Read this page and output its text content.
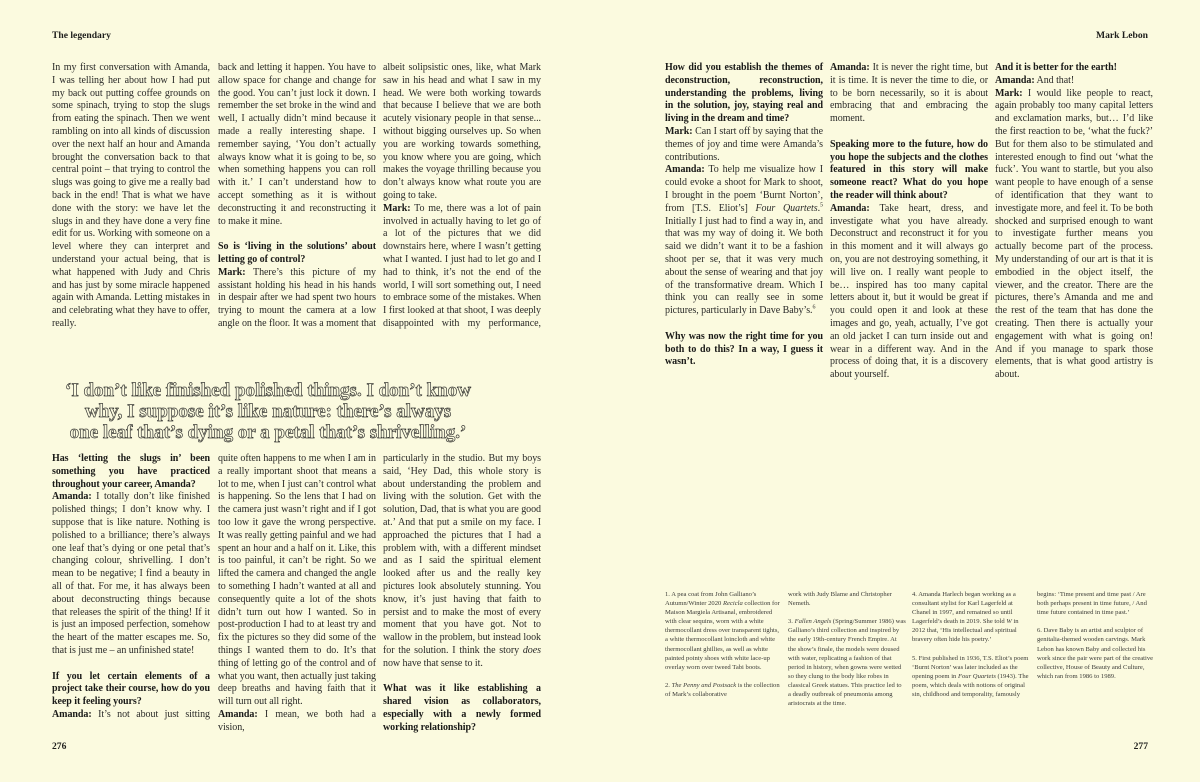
The legendary	Mark Lebon

In my first conversation with Amanda, I was telling her about how I had put my back out putting coffee grounds on some spinach, trying to stop the slugs from eating the spinach. Then we went rambling on into all kinds of discussion over the next half an hour and Amanda brought the conversation back to that central point – that trying to control the slugs was going to give me a really bad back in the end! That is what we have done with the story: we have let the slugs in and they have done a very fine edit for us. Working with someone on a level where they can interpret and understand your actual being, that is what happened with Judy and Chris and has just by some miracle happened again with Amanda. Letting mistakes in and celebrating what they have to offer, really.

back and letting it happen. You have to allow space for change and change for the good. You can’t just lock it down. I remember the set broke in the wind and well, I actually didn’t mind because it made a really interesting shape. I remember saying, ‘You don’t actually always know what it is going to be, so when something happens you can roll with it.’ I can’t understand how to accept something as it is without deconstructing it and reconstructing it to make it mine.

So is ‘living in the solutions’ about letting go of control?

Mark: There’s this picture of my assistant holding his head in his hands in despair after we had spent two hours trying to mount the camera at a low angle on the floor. It was a moment that

albeit solipsistic ones, like, what Mark saw in his head and what I saw in my head. We were both working towards that because I believe that we are both acutely visionary people in that sense... without bigging ourselves up. So when you are working towards something, you know where you are going, which makes the voyage thrilling because you don’t always know what route you are going to take.

Mark: To me, there was a lot of pain involved in actually having to let go of a lot of the pictures that we did downstairs here, where I wasn’t getting what I wanted. I just had to let go and I had to think, it’s not the end of the world, I will sort something out, I need to embrace some of the mistakes. When I first looked at that shoot, I was deeply disappointed with my performance,

‘I don’t like finished polished things. I don’t know
why, I suppose it’s like nature: there’s always
one leaf that’s dying or a petal that’s shrivelling.’

Has ‘letting the slugs in’ been something you have practiced throughout your career, Amanda?

Amanda: I totally don’t like finished polished things; I don’t know why. I suppose that is like nature. Nothing is polished to a brilliance; there’s always one leaf that’s dying or one petal that’s changing colour, shrivelling. I don’t mean to be negative; I find a beauty in all of that. For me, it has always been about deconstructing things because that releases the spirit of the thing! If it is just an imposed perfection, somehow the heart of the matter escapes me. So, that is just me – an unfinished state!

If you let certain elements of a project take their course, how do you keep it feeling yours?

Amanda: It’s not about just sitting

quite often happens to me when I am in a really important shoot that means a lot to me, when I just can’t control what is happening. So the lens that I had on the camera just wasn’t right and if I got too low it gave the wrong perspective. It was really getting painful and we had spent an hour and a half on it. Like, this is too painful, it can’t be right. So we lifted the camera and changed the angle to something I hadn’t wanted at all and consequently quite a lot of the shots didn’t turn out how I wanted. So in post-production I had to at least try and fix the pictures so they did some of the things I wanted them to do. It’s that thing of letting go of the control and of what you want, then actually just taking deep breaths and having faith that it will turn out all right.

Amanda: I mean, we both had a vision,

particularly in the studio. But my boys said, ‘Hey Dad, this whole story is about understanding the problem and living with the solution. Get with the solution, Dad, that is what you are good at.’ And that put a smile on my face. I approached the pictures that I had a problem with, with a different mindset and as I said the spiritual element looked after us and the really key pictures look absolutely stunning. You know, it’s just having that faith to persist and to make the most of every moment that you have got. Not to wallow in the problem, but instead look for the solution. I think the story does now have that sense to it.

What was it like establishing a shared vision as collaborators, especially with a newly formed working relationship?

How did you establish the themes of deconstruction, reconstruction, understanding the problems, living in the solution, joy, staying real and living in the dream and time?

Mark: Can I start off by saying that the themes of joy and time were Amanda’s contributions.

Amanda: To help me visualize how I could evoke a shoot for Mark to shoot, I brought in the poem ‘Burnt Norton’, from [T.S. Eliot’s] Four Quartets.$^5$ Initially I just had to find a way in, and that was my way of doing it. We both said we didn’t want it to be a fashion shoot per se, that it was very much about the sense of wearing and that joy of the transformative dream. Which I think you can really see in some pictures, particularly in Dave Baby’s.$^6$

Why was now the right time for you both to do this? In a way, I guess it wasn’t.

Amanda: It is never the right time, but it is time. It is never the time to die, or to be born necessarily, so it is about embracing that and embracing the moment.

Speaking more to the future, how do you hope the subjects and the clothes featured in this story will make someone react? What do you hope the reader will think about?

Amanda: Take heart, dress, and investigate what you have already. Deconstruct and reconstruct it for you in this moment and it will always go on, you are not destroying something, it will live on. I really want people to be… inspired has too many capital letters about it, but it would be great if you could open it and look at these images and go, yeah, actually, I’ve got an old jacket I can turn inside out and wear in a different way. And in the process of doing that, it is a discovery about yourself.

And it is better for the earth!

Amanda: And that!

Mark: I would like people to react, again probably too many capital letters and exclamation marks, but… I’d like the first reaction to be, ‘what the fuck?’ But for them also to be stimulated and interested enough to find out ‘what the fuck’. You want to startle, but you also want people to have enough of a sense of identification that they want to investigate more, and feel it. To be both shocked and surprised enough to want to investigate further means you actually become part of the process. My understanding of our art is that it is embodied in the object itself, the viewer, and the creator. There are the pictures, there’s Amanda and me and the rest of the team that has done the creating. Then there is actually your engagement with what is going on! And if you manage to spark those elements, that is what good artistry is about.

1. A pea coat from John Galliano’s Autumn/Winter 2020 Recicla collection for Maison Margiela Artisanal, embroidered with clear sequins, worn with a white thermocollant dress over transparent tights, a white thermocollant loincloth and white thermocollant ghillies, as well as white painted pointy shoes with white lace-up overlay worn over tweed Tabi boots.

2. The Penny and Postsack is the collection of Mark’s collaborative

work with Judy Blame and Christopher Nemeth.

3. Fallen Angels (Spring/Summer 1986) was Galliano’s third collection and inspired by the early 19th-century French Empire. At the show’s finale, the models were doused with water, replicating a fashion of that period in history, when gowns were wetted so they clung to the body like robes in classical Greek statues. This practice led to a deadly outbreak of pneumonia among aristocrats at the time.

4. Amanda Harlech began working as a consultant stylist for Karl Lagerfeld at Chanel in 1997, and remained so until Lagerfeld’s death in 2019. She told W in 2012 that, ‘His intellectual and spiritual bravery often hide his poetry.’

5. First published in 1936, T.S. Eliot’s poem ‘Burnt Norton’ was later included as the opening poem in Four Quartets (1943). The poem, which deals with notions of original sin, childhood and temporality, famously

begins: ‘Time present and time past / Are both perhaps present in time future, / And time future contained in time past.’

6. Dave Baby is an artist and sculptor of genitalia-themed wooden carvings. Mark Lebon has known Baby and collected his work since the pair were part of the creative collective, House of Beauty and Culture, which ran from 1986 to 1989.

276	277
